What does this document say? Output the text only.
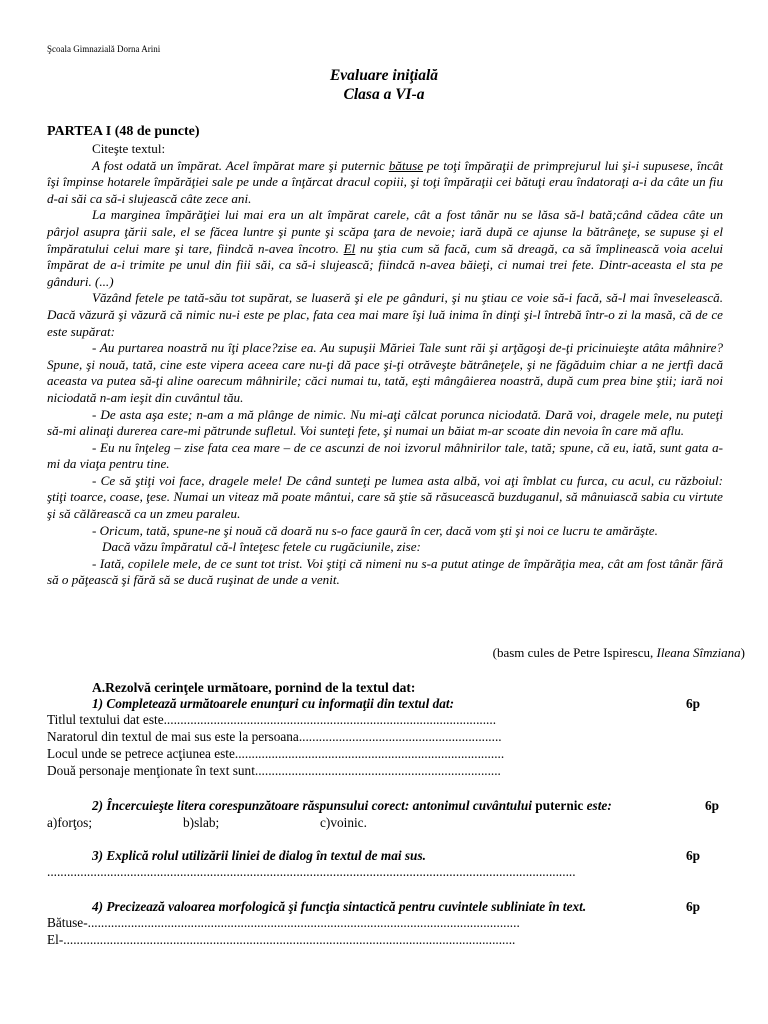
Şcoala Gimnazială Dorna Arini
Evaluare iniţială
Clasa a VI-a
PARTEA I (48 de puncte)

Citeşte textul:

A fost odată un împărat. Acel împărat mare şi puternic bătuse pe toţi împăraţii de primprejurul lui şi-i supusese, încât îşi împinse hotarele împărăţiei sale pe unde a înţărcat dracul copiii, şi toţi împăraţii cei bătuţi erau îndatoraţi a-i da câte un fiu d-ai săi ca să-i slujească câte zece ani.

La marginea împărăţiei lui mai era un alt împărat carele, cât a fost tânăr nu se lăsa să-l bată;când cădea câte un pârjol asupra ţării sale, el se făcea luntre şi punte şi scăpa ţara de nevoie; iară după ce ajunse la bătrâneţe, se supuse şi el împăratului celui mare şi tare, fiindcă n-avea încotro. El nu ştia cum să facă, cum să dreagă, ca să împlinească voia acelui împărat de a-i trimite pe unul din fiii săi, ca să-i slujească; fiindcă n-avea băieţi, ci numai trei fete. Dintr-aceasta el sta pe gânduri. (...)

Văzând fetele pe tată-său tot supărat, se luaseră şi ele pe gânduri, şi nu ştiau ce voie să-i facă, să-l mai înveselească. Dacă văzură şi văzură că nimic nu-i este pe plac, fata cea mai mare îşi luă inima în dinţi şi-l întrebă într-o zi la masă, că de ce este supărat:

- Au purtarea noastră nu îţi place?zise ea. Au supuşii Măriei Tale sunt răi şi arţăgoşi de-ţi pricinuieşte atâta mâhnire? Spune, şi nouă, tată, cine este vipera aceea care nu-ţi dă pace şi-ţi otrăveşte bătrâneţele, şi ne făgăduim chiar a ne jertfi dacă aceasta va putea să-ţi aline oarecum mâhnirile; căci numai tu, tată, eşti mângâierea noastră, după cum prea bine ştii; iară noi niciodată n-am ieşit din cuvântul tău.

- De asta aşa este; n-am a mă plânge de nimic. Nu mi-aţi călcat porunca niciodată. Dară voi, dragele mele, nu puteţi să-mi alinaţi durerea care-mi pătrunde sufletul. Voi sunteţi fete, şi numai un băiat m-ar scoate din nevoia în care mă aflu.

- Eu nu înţeleg – zise fata cea mare – de ce ascunzi de noi izvorul mâhnirilor tale, tată; spune, că eu, iată, sunt gata a-mi da viaţa pentru tine.

- Ce să ştiţi voi face, dragele mele! De când sunteţi pe lumea asta albă, voi aţi îmblat cu furca, cu acul, cu războiul: ştiţi toarce, coase, ţese. Numai un viteaz mă poate mântui, care să ştie să răsucească buzduganul, să mânuiască sabia cu virtute şi să călărească ca un zmeu paraleu.

- Oricum, tată, spune-ne şi nouă că doară nu s-o face gaură în cer, dacă vom şti şi noi ce lucru te amărăşte.

Dacă văzu împăratul că-l înteţesc fetele cu rugăciunile, zise:

- Iată, copilele mele, de ce sunt tot trist. Voi ştiţi că nimeni nu s-a putut atinge de împărăţia mea, cât am fost tânăr fără să o păţească şi fără să se ducă ruşinat de unde a venit.

(basm cules de Petre Ispirescu, Ileana Sîmziana)
A.Rezolvă cerinţele următoare, pornind de la textul dat:
1) Completează următoarele enunţuri cu informaţii din textul dat:	6p
Titlul textului dat este....................................................................................................
Naratorul din textul de mai sus este la persoana.............................................................
Locul unde se petrece acţiunea este.................................................................................
Două personaje menţionate în text sunt..........................................................................
2) Încercuieşte litera corespunzătoare răspunsului corect: antonimul cuvântului puternic este:	6p
a)forţos;	b)slab;	c)voinic.
3) Explică rolul utilizării liniei de dialog în textul de mai sus.	6p
...............................................................................................................................................................
4) Precizează valoarea morfologică şi funcţia sintactică pentru cuvintele subliniate în text.	6p
Bătuse-..................................................................................................................................
El-........................................................................................................................................
